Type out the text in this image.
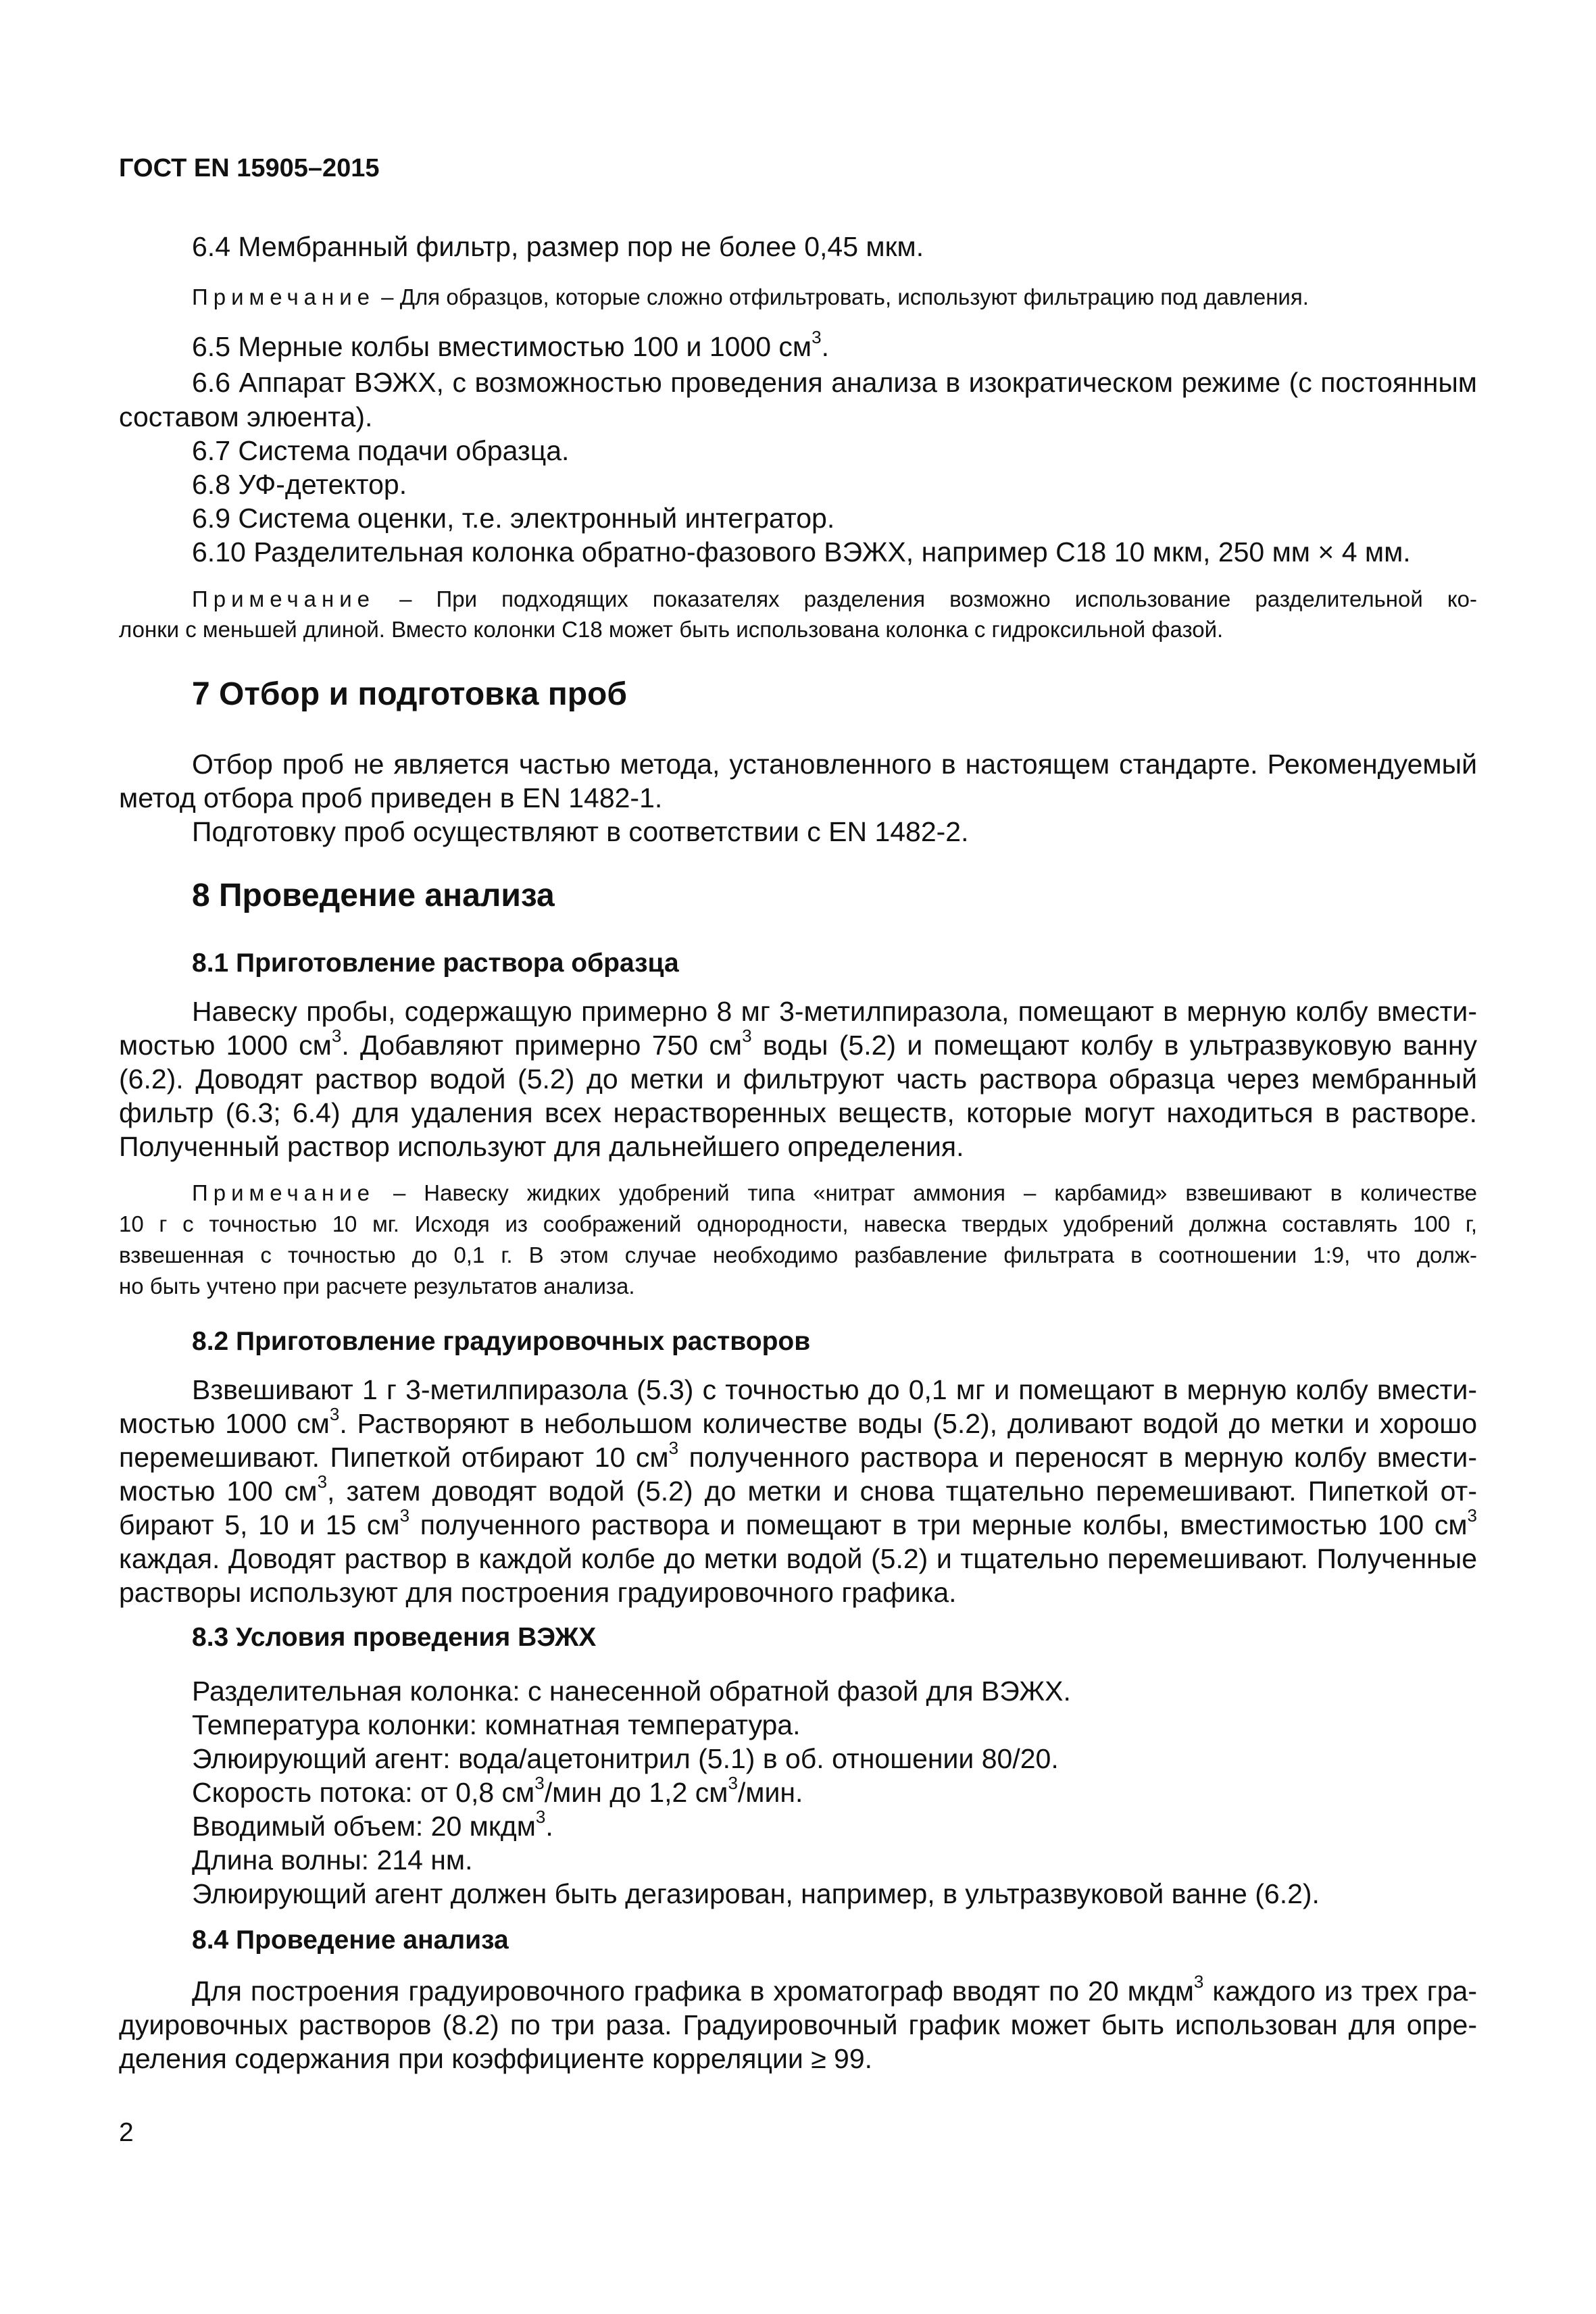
ГОСТ EN 15905–2015
6.4 Мембранный фильтр, размер пор не более 0,45 мкм.
Примечание – Для образцов, которые сложно отфильтровать, используют фильтрацию под давления.
6.5 Мерные колбы вместимостью 100 и 1000 $см^3$.
6.6 Аппарат ВЭЖХ, с возможностью проведения анализа в изократическом режиме (с постоянным
составом элюента).
6.7 Система подачи образца.
6.8 УФ-детектор.
6.9 Система оценки, т.е. электронный интегратор.
6.10 Разделительная колонка обратно-фазового ВЭЖХ, например С18 10 мкм, 250 мм × 4 мм.
Примечание – При подходящих показателях разделения возможно использование разделительной ко-
лонки с меньшей длиной. Вместо колонки С18 может быть использована колонка с гидроксильной фазой.
7 Отбор и подготовка проб
Отбор проб не является частью метода, установленного в настоящем стандарте. Рекомендуемый
метод отбора проб приведен в EN 1482-1.
Подготовку проб осуществляют в соответствии с EN 1482-2.
8 Проведение анализа
8.1 Приготовление раствора образца
Навеску пробы, содержащую примерно 8 мг 3-метилпиразола, помещают в мерную колбу вмести-
мостью 1000 $см^3$. Добавляют примерно 750 $см^3$ воды (5.2) и помещают колбу в ультразвуковую ванну
(6.2). Доводят раствор водой (5.2) до метки и фильтруют часть раствора образца через мембранный
фильтр (6.3; 6.4) для удаления всех нерастворенных веществ, которые могут находиться в растворе.
Полученный раствор используют для дальнейшего определения.
Примечание – Навеску жидких удобрений типа «нитрат аммония – карбамид» взвешивают в количестве
10 г с точностью 10 мг. Исходя из соображений однородности, навеска твердых удобрений должна составлять 100 г,
взвешенная с точностью до 0,1 г. В этом случае необходимо разбавление фильтрата в соотношении 1:9, что долж-
но быть учтено при расчете результатов анализа.
8.2 Приготовление градуировочных растворов
Взвешивают 1 г 3-метилпиразола (5.3) с точностью до 0,1 мг и помещают в мерную колбу вмести-
мостью 1000 $см^3$. Растворяют в небольшом количестве воды (5.2), доливают водой до метки и хорошо
перемешивают. Пипеткой отбирают 10 $см^3$ полученного раствора и переносят в мерную колбу вмести-
мостью 100 $см^3$, затем доводят водой (5.2) до метки и снова тщательно перемешивают. Пипеткой от-
бирают 5, 10 и 15 $см^3$ полученного раствора и помещают в три мерные колбы, вместимостью 100 $см^3$
каждая. Доводят раствор в каждой колбе до метки водой (5.2) и тщательно перемешивают. Полученные
растворы используют для построения градуировочного графика.
8.3 Условия проведения ВЭЖХ
Разделительная колонка: с нанесенной обратной фазой для ВЭЖХ.
Температура колонки: комнатная температура.
Элюирующий агент: вода/ацетонитрил (5.1) в об. отношении 80/20.
Скорость потока: от 0,8 $см^3$/мин до 1,2 $см^3$/мин.
Вводимый объем: 20 мкдм$^3$.
Длина волны: 214 нм.
Элюирующий агент должен быть дегазирован, например, в ультразвуковой ванне (6.2).
8.4 Проведение анализа
Для построения градуировочного графика в хроматограф вводят по 20 мкдм$^3$ каждого из трех гра-
дуировочных растворов (8.2) по три раза. Градуировочный график может быть использован для опре-
деления содержания при коэффициенте корреляции ≥ 99.
2
